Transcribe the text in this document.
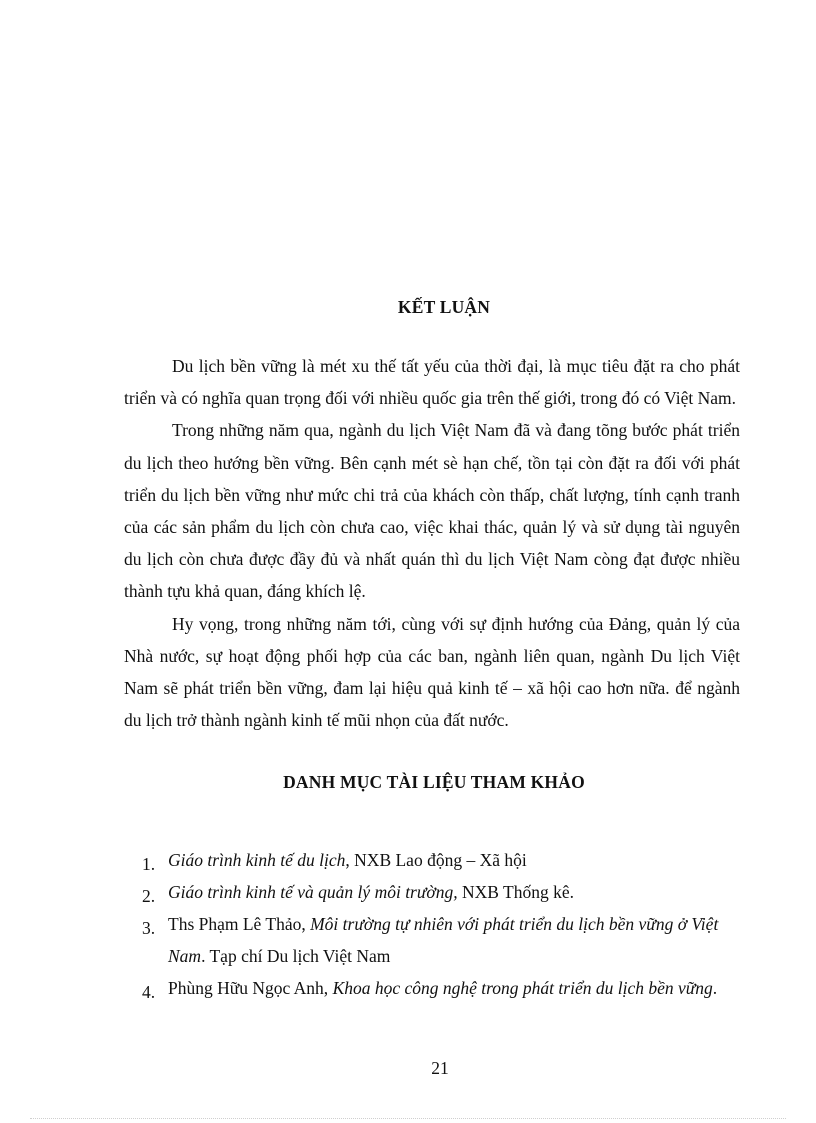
KẾT LUẬN

Du lịch bền vững là mét xu thế tất yếu của thời đại, là mục tiêu đặt ra cho phát triển và có nghĩa quan trọng đối với nhiều quốc gia trên thế giới, trong đó có Việt Nam.

Trong những năm qua, ngành du lịch Việt Nam đã và đang tõng bước phát triển du lịch theo hướng bền vững. Bên cạnh mét sè hạn chế, tồn tại còn đặt ra đối với phát triển du lịch bền vững như mức chi trả của khách còn thấp, chất lượng, tính cạnh tranh của các sản phẩm du lịch còn chưa cao, việc khai thác, quản lý và sử dụng tài nguyên du lịch còn chưa được đầy đủ và nhất quán thì du lịch Việt Nam còng đạt được nhiều thành tựu khả quan, đáng khích lệ.

Hy vọng, trong những năm tới, cùng với sự định hướng của Đảng, quản lý của Nhà nước, sự hoạt động phối hợp của các ban, ngành liên quan, ngành Du lịch Việt Nam sẽ phát triển bền vững, đam lại hiệu quả kinh tế – xã hội cao hơn nữa. để ngành du lịch trở thành ngành kinh tế mũi nhọn của đất nước.

DANH MỤC TÀI LIỆU THAM KHẢO
1. Giáo trình kinh tế du lịch, NXB Lao động – Xã hội
2. Giáo trình kinh tế và quản lý môi trường, NXB Thống kê.
3. Ths Phạm Lê Thảo, Môi trường tự nhiên với phát triển du lịch bền vững ở Việt Nam. Tạp chí Du lịch Việt Nam
4. Phùng Hữu Ngọc Anh, Khoa học công nghệ trong phát triển du lịch bền vững.
21
